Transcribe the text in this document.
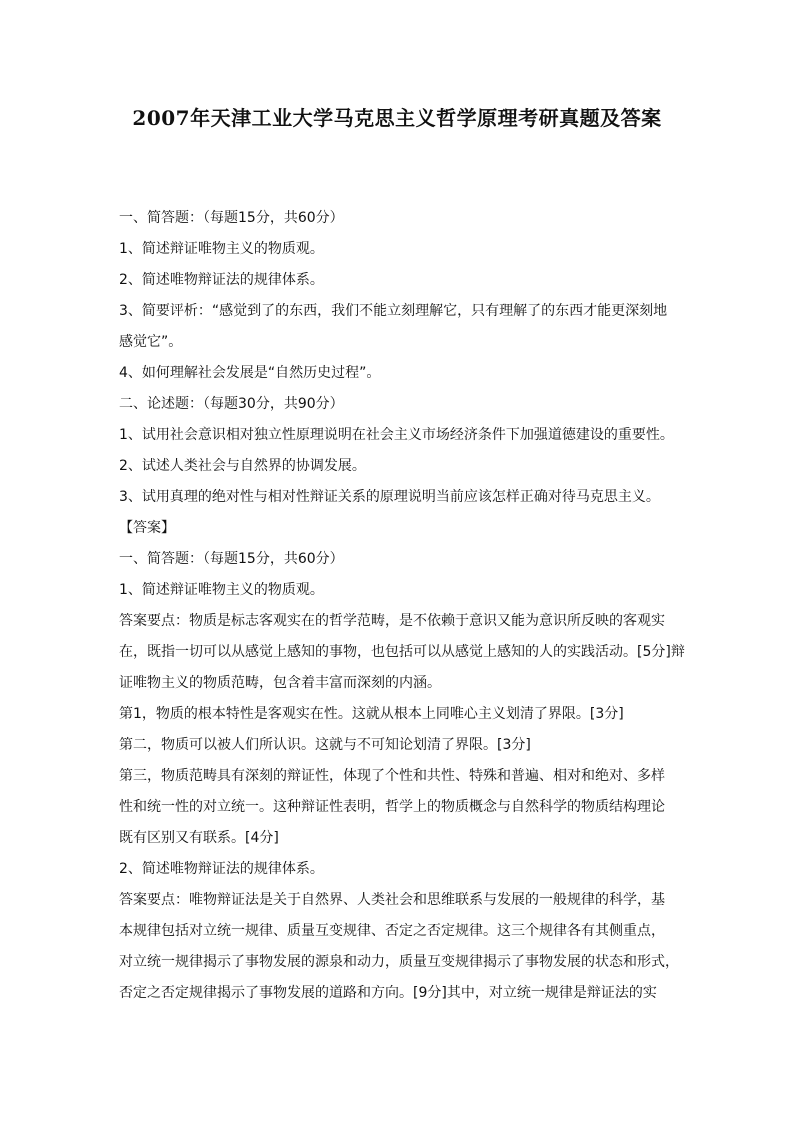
2007年天津工业大学马克思主义哲学原理考研真题及答案
一、简答题：（每题15分，共60分）
1、简述辩证唯物主义的物质观。
2、简述唯物辩证法的规律体系。
3、简要评析：“感觉到了的东西，我们不能立刻理解它，只有理解了的东西才能更深刻地
感觉它”。
4、如何理解社会发展是“自然历史过程”。
二、论述题：（每题30分，共90分）
1、试用社会意识相对独立性原理说明在社会主义市场经济条件下加强道德建设的重要性。
2、试述人类社会与自然界的协调发展。
3、试用真理的绝对性与相对性辩证关系的原理说明当前应该怎样正确对待马克思主义。
【答案】
一、简答题：（每题15分，共60分）
1、简述辩证唯物主义的物质观。
答案要点：物质是标志客观实在的哲学范畴，是不依赖于意识又能为意识所反映的客观实
在，既指一切可以从感觉上感知的事物，也包括可以从感觉上感知的人的实践活动。[5分]辩
证唯物主义的物质范畴，包含着丰富而深刻的内涵。
第1，物质的根本特性是客观实在性。这就从根本上同唯心主义划清了界限。[3分]
第二，物质可以被人们所认识。这就与不可知论划清了界限。[3分]
第三，物质范畴具有深刻的辩证性，体现了个性和共性、特殊和普遍、相对和绝对、多样
性和统一性的对立统一。这种辩证性表明，哲学上的物质概念与自然科学的物质结构理论
既有区别又有联系。[4分]
2、简述唯物辩证法的规律体系。
答案要点：唯物辩证法是关于自然界、人类社会和思维联系与发展的一般规律的科学，基
本规律包括对立统一规律、质量互变规律、否定之否定规律。这三个规律各有其侧重点，
对立统一规律揭示了事物发展的源泉和动力，质量互变规律揭示了事物发展的状态和形式，
否定之否定规律揭示了事物发展的道路和方向。[9分]其中，对立统一规律是辩证法的实
